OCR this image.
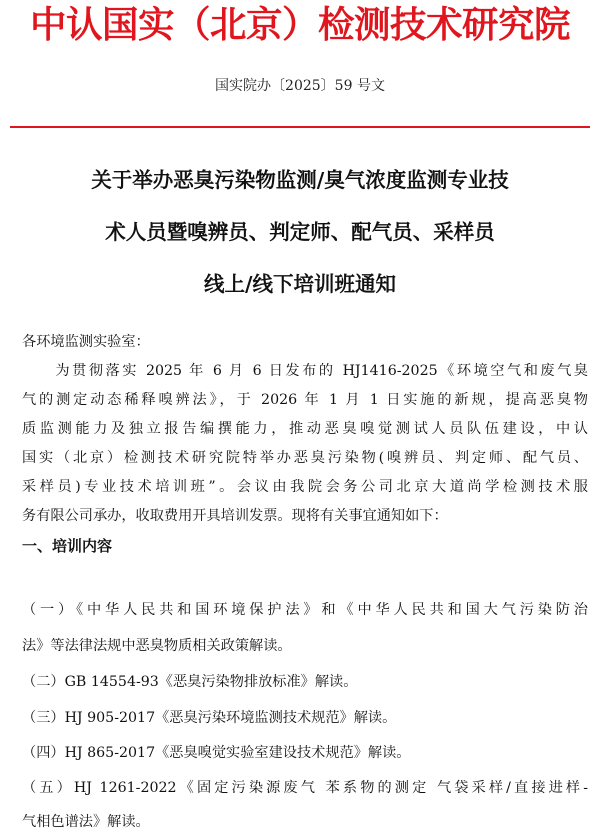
中认国实（北京）检测技术研究院
国实院办〔2025〕59 号文
关于举办恶臭污染物监测/臭气浓度监测专业技
术人员暨嗅辨员、判定师、配气员、采样员
线上/线下培训班通知
各环境监测实验室：
　　为贯彻落实 2025 年 6 月 6 日发布的 HJ1416-2025《环境空气和废气臭
气的测定动态稀释嗅辨法》，于 2026 年 1 月 1 日实施的新规，提高恶臭物
质监测能力及独立报告编撰能力，推动恶臭嗅觉测试人员队伍建设，中认
国实（北京）检测技术研究院特举办恶臭污染物(嗅辨员、判定师、配气员、
采样员)专业技术培训班”。会议由我院会务公司北京大道尚学检测技术服
务有限公司承办，收取费用开具培训发票。现将有关事宜通知如下：
一、培训内容
（一）《中华人民共和国环境保护法》和《中华人民共和国大气污染防治
法》等法律法规中恶臭物质相关政策解读。
（二）GB 14554-93《恶臭污染物排放标准》解读。
（三）HJ 905-2017《恶臭污染环境监测技术规范》解读。
（四）HJ 865-2017《恶臭嗅觉实验室建设技术规范》解读。
（五）HJ 1261-2022《固定污染源废气 苯系物的测定 气袋采样/直接进样-
气相色谱法》解读。
